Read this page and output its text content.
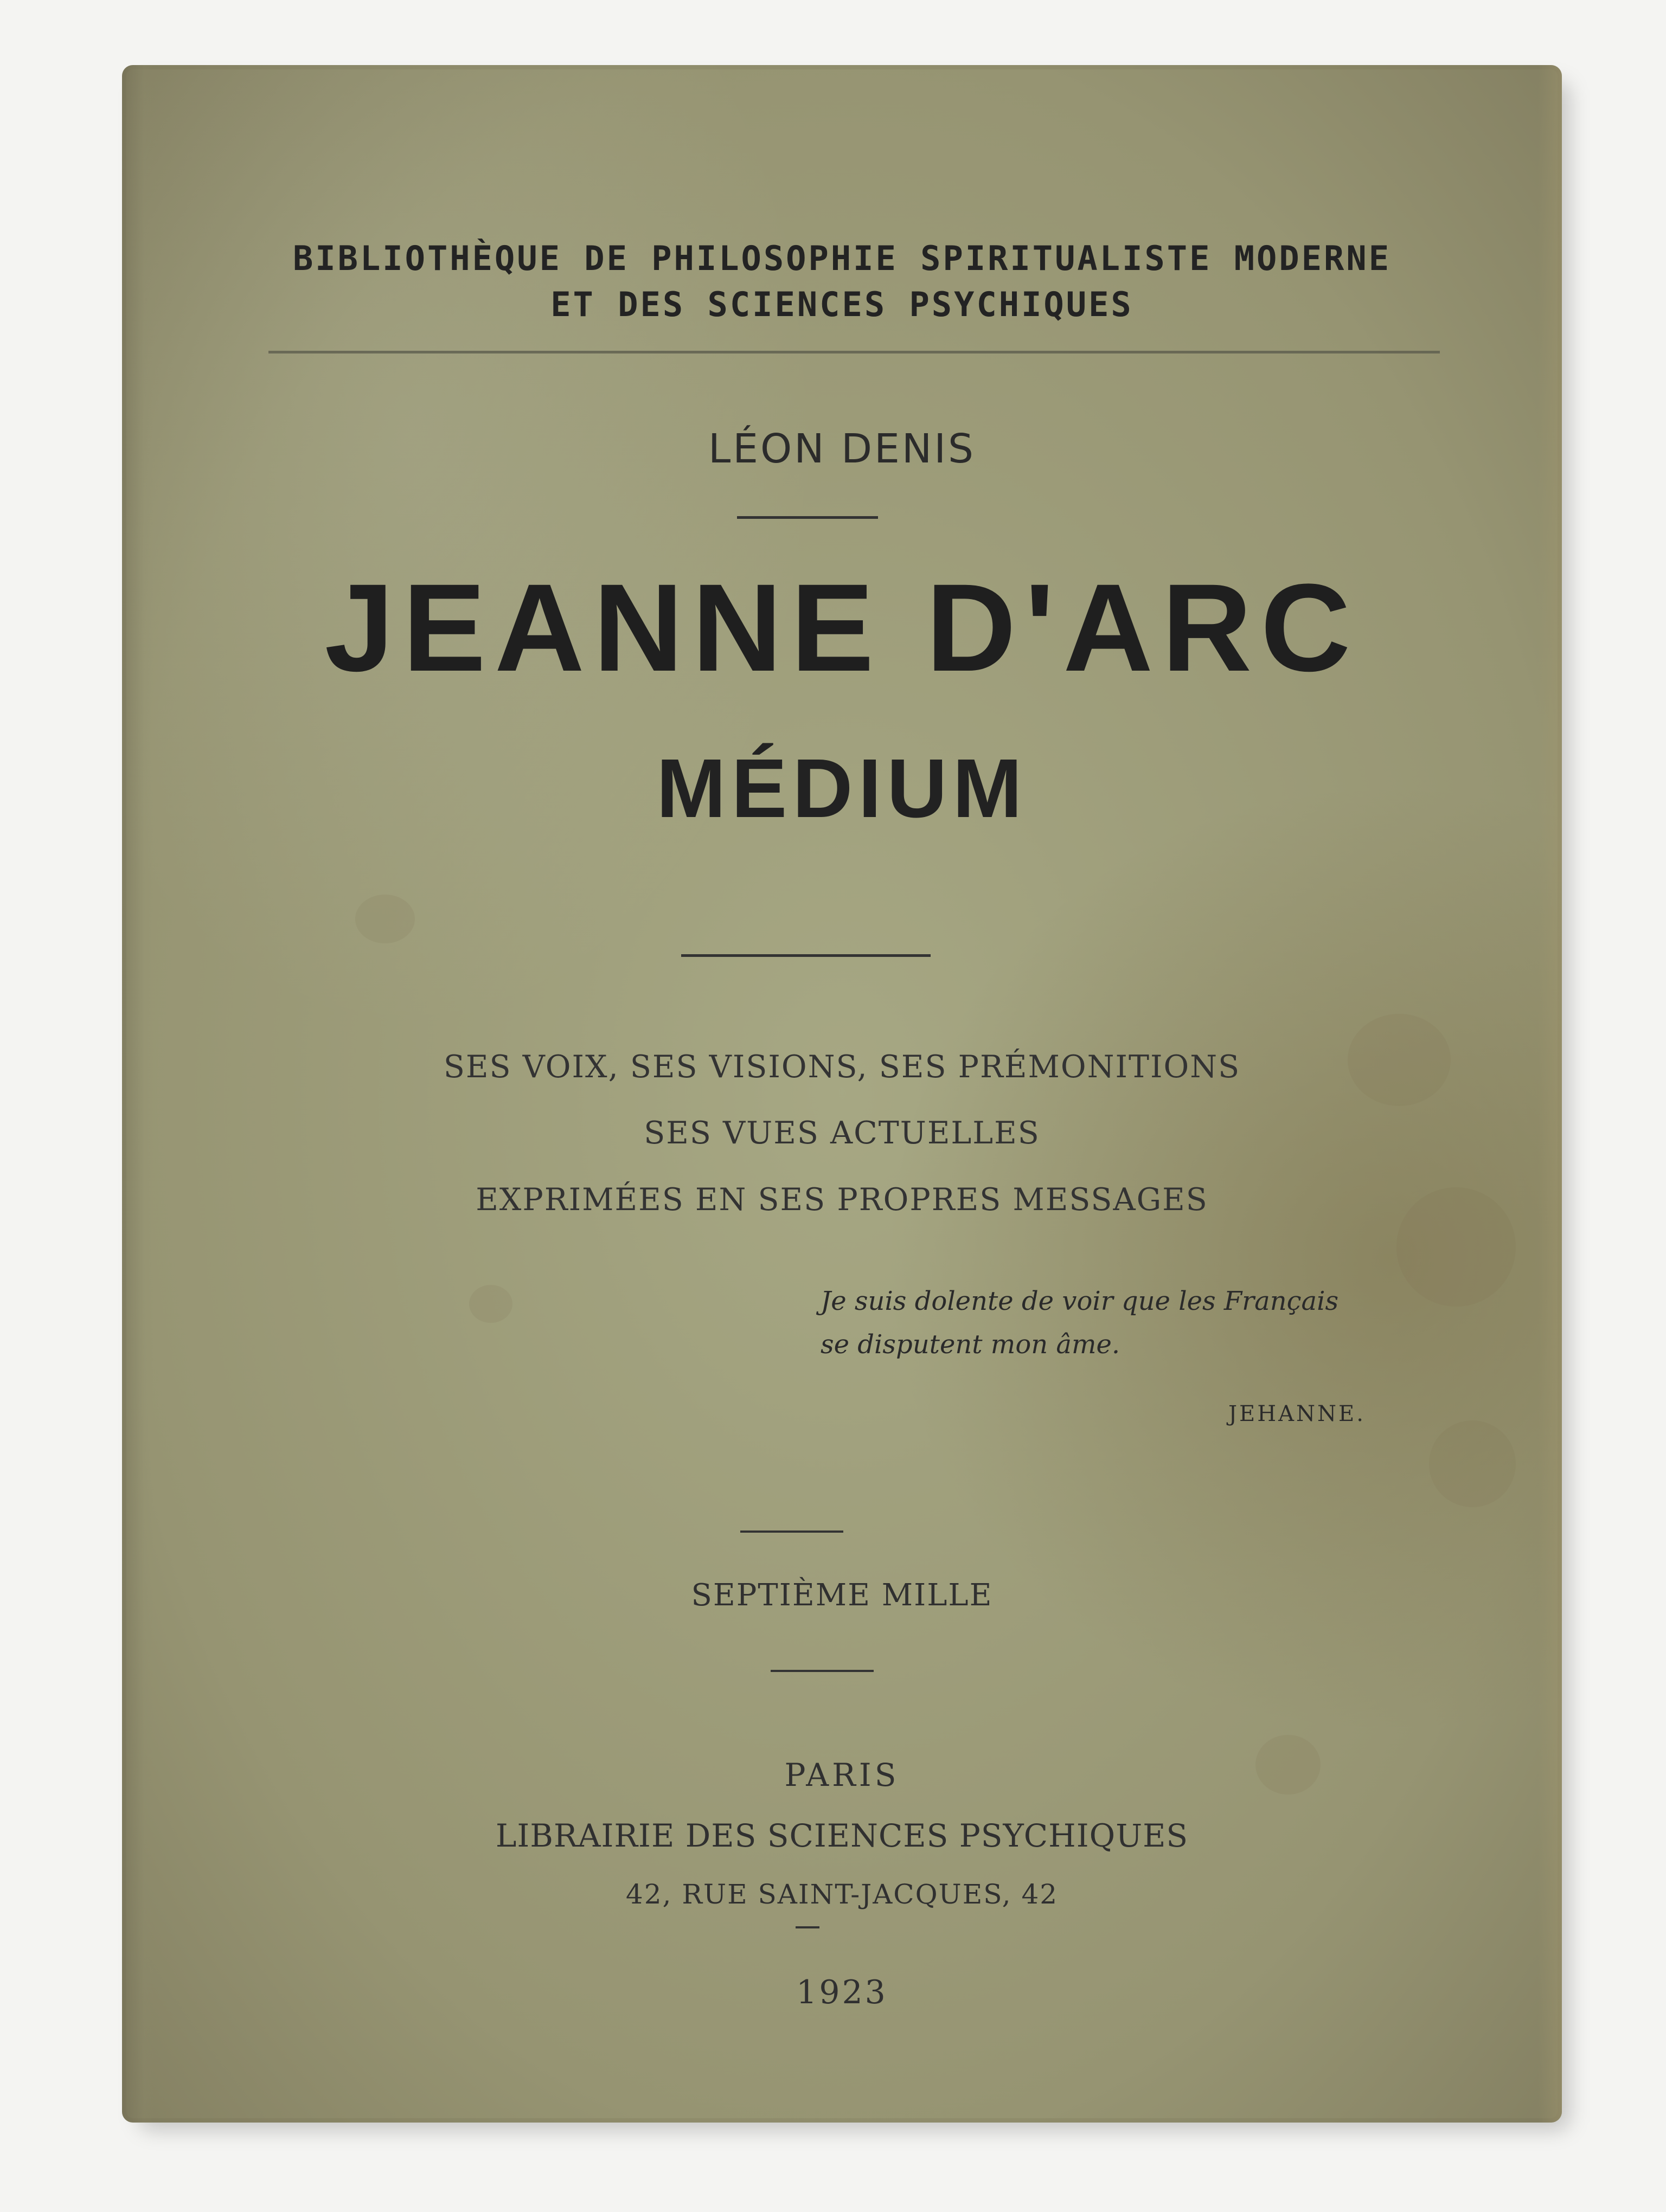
BIBLIOTHÈQUE DE PHILOSOPHIE SPIRITUALISTE MODERNE
ET DES SCIENCES PSYCHIQUES
LÉON DENIS
JEANNE D'ARC
MÉDIUM
SES VOIX, SES VISIONS, SES PRÉMONITIONS
SES VUES ACTUELLES
EXPRIMÉES EN SES PROPRES MESSAGES
Je suis dolente de voir que les Français
se disputent mon âme.
JEHANNE.
SEPTIÈME MILLE
PARIS
LIBRAIRIE DES SCIENCES PSYCHIQUES
42, RUE SAINT-JACQUES, 42
1923
